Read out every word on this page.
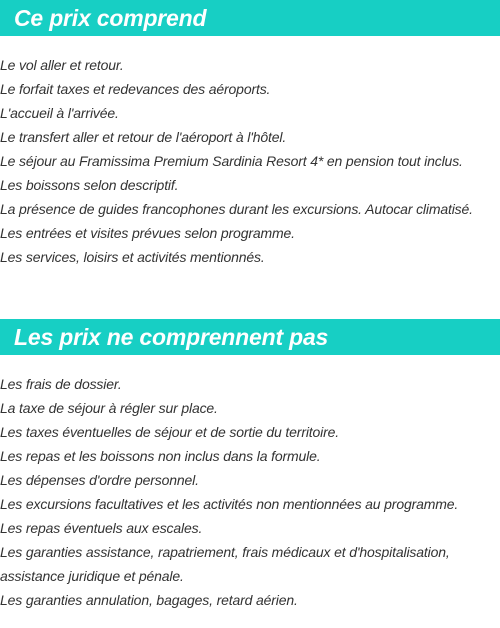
Ce prix comprend
Le vol aller et retour.
Le forfait taxes et redevances des aéroports.
L'accueil à l'arrivée.
Le transfert aller et retour de l'aéroport à l'hôtel.
Le séjour au Framissima Premium Sardinia Resort 4* en pension tout inclus.
Les boissons selon descriptif.
La présence de guides francophones durant les excursions. Autocar climatisé.
Les entrées et visites prévues selon programme.
Les services, loisirs et activités mentionnés.
Les prix ne comprennent pas
Les frais de dossier.
La taxe de séjour à régler sur place.
Les taxes éventuelles de séjour et de sortie du territoire.
Les repas et les boissons non inclus dans la formule.
Les dépenses d'ordre personnel.
Les excursions facultatives et les activités non mentionnées au programme.
Les repas éventuels aux escales.
Les garanties assistance, rapatriement, frais médicaux et d'hospitalisation,
assistance juridique et pénale.
Les garanties annulation, bagages, retard aérien.
